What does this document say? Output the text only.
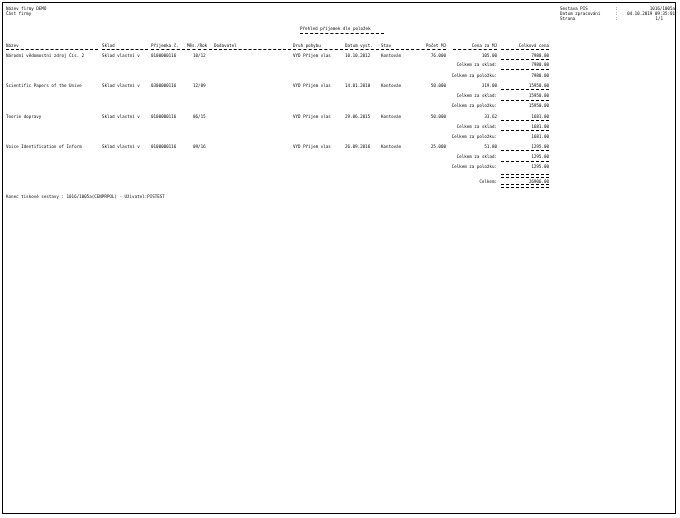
Název firmy DEMO
Část firmy
Sestava PIS	:	1016/1005a
Datum zpracování	:	04.10.2019 09:35:01
Strana	:	1/1
Přehled příjemek dle položek
Název	Sklad	Příjemka č. Měs./Rok Dodavatel	Druh pohybu	Datum vyst. Stav	Počet MJ	Cena za MJ	Celková cena
Národní vědomostní zdroj Čís. 2	Sklad vlastní v	0100000116	10/12	VYD Příjem vlas	10.10.2012	Kontován	76.000	105.00	7980.00
Celkem za sklad:	7980.00
Celkem za položku:	7980.00
Scientific Papers of the Unive	Sklad vlastní v	0300000116	12/09	VYD Příjem vlas	14.01.2010	Kontován	50.000	319.00	15950.00
Celkem za sklad:	15950.00
Celkem za položku:	15950.00
Teorie dopravy	Sklad vlastní v	0100000116	06/15	VYD Příjem vlas	29.06.2015	Kontován	50.000	33.62	1681.00
Celkem za sklad:	1681.00
Celkem za položku:	1681.00
Voice Identification of Inform	Sklad vlastní v	0100000116	09/16	VYD Příjem vlas	26.09.2016	Kontován	25.000	51.80	1295.00
Celkem za sklad:	1295.00
Celkem za položku:	1295.00
Celkem:	26906.00
Konec tiskové sestavy : 1016/1005a(CENPRPOL) - Uživatel:PISTEST
